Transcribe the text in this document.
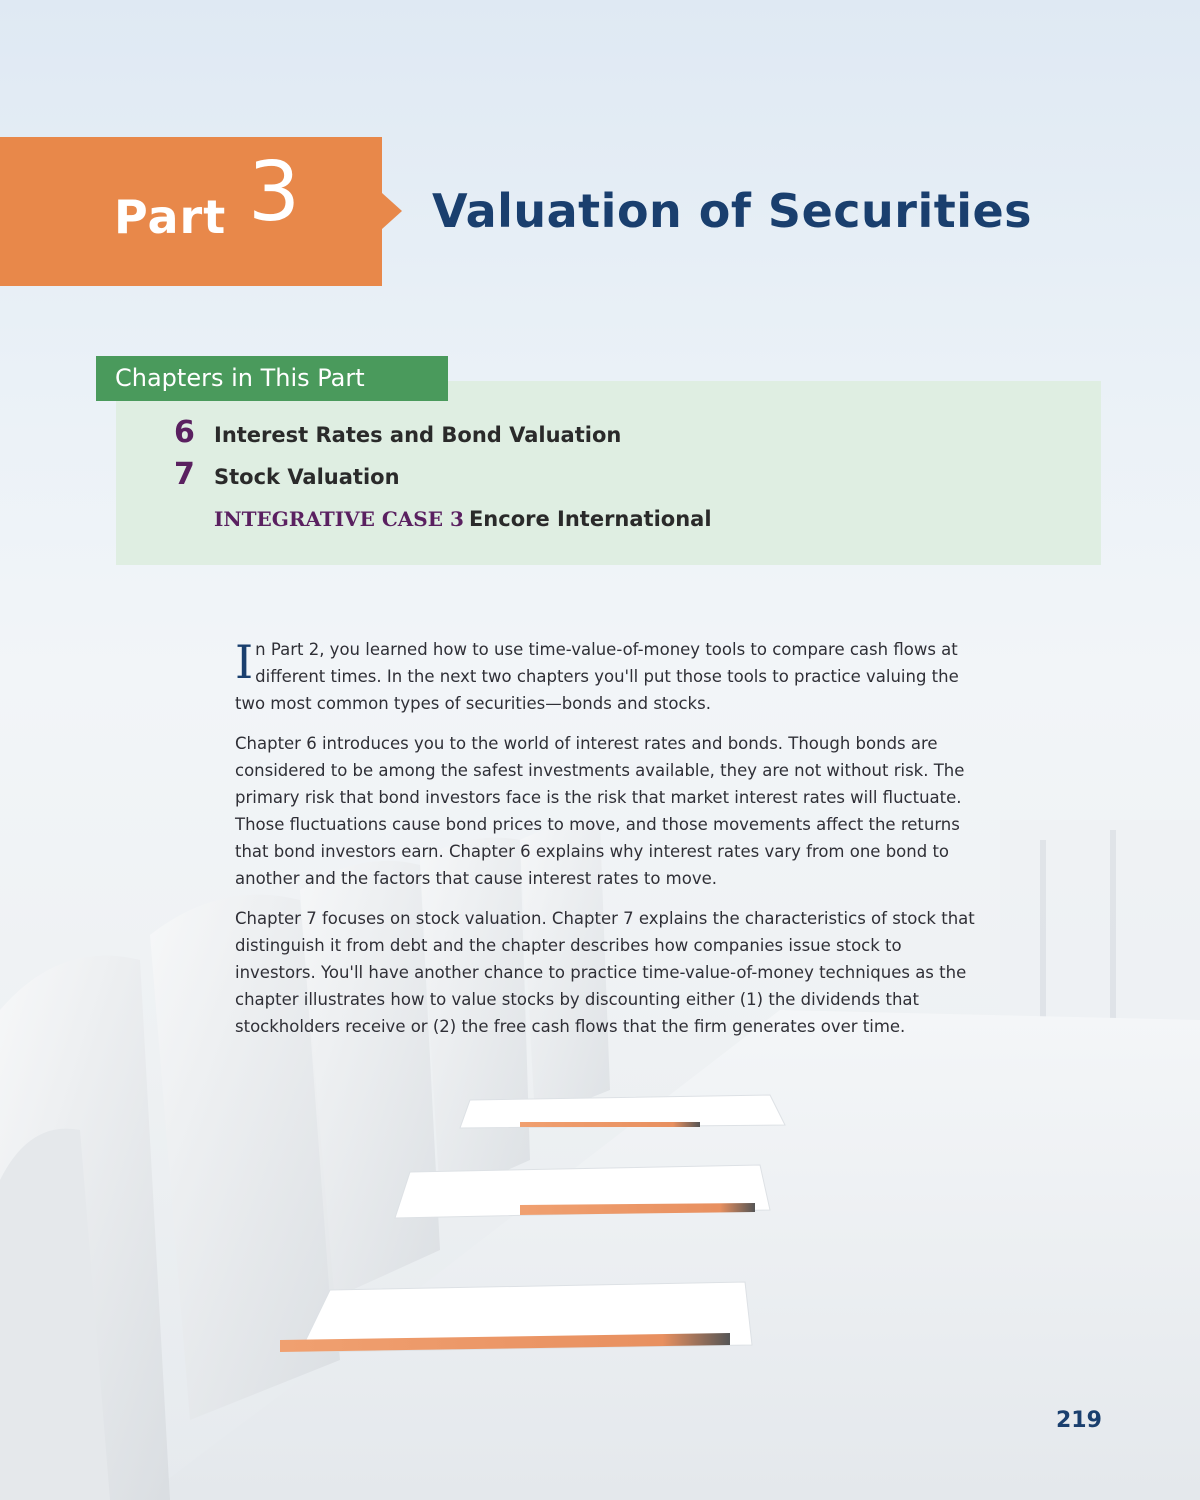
Part 3	Valuation of Securities
Chapters in This Part
6 Interest Rates and Bond Valuation
7 Stock Valuation
INTEGRATIVE CASE 3
Encore International

In Part 2, you learned how to use time-value-of-money tools to compare cash flows at different times. In the next two chapters you'll put those tools to practice valuing the two most common types of securities—bonds and stocks.

Chapter 6 introduces you to the world of interest rates and bonds. Though bonds are considered to be among the safest investments available, they are not without risk. The primary risk that bond investors face is the risk that market interest rates will fluctuate. Those fluctuations cause bond prices to move, and those movements affect the returns that bond investors earn. Chapter 6 explains why interest rates vary from one bond to another and the factors that cause interest rates to move.

Chapter 7 focuses on stock valuation. Chapter 7 explains the characteristics of stock that distinguish it from debt and the chapter describes how companies issue stock to investors. You'll have another chance to practice time-value-of-money techniques as the chapter illustrates how to value stocks by discounting either (1) the dividends that stockholders receive or (2) the free cash flows that the firm generates over time.

219
